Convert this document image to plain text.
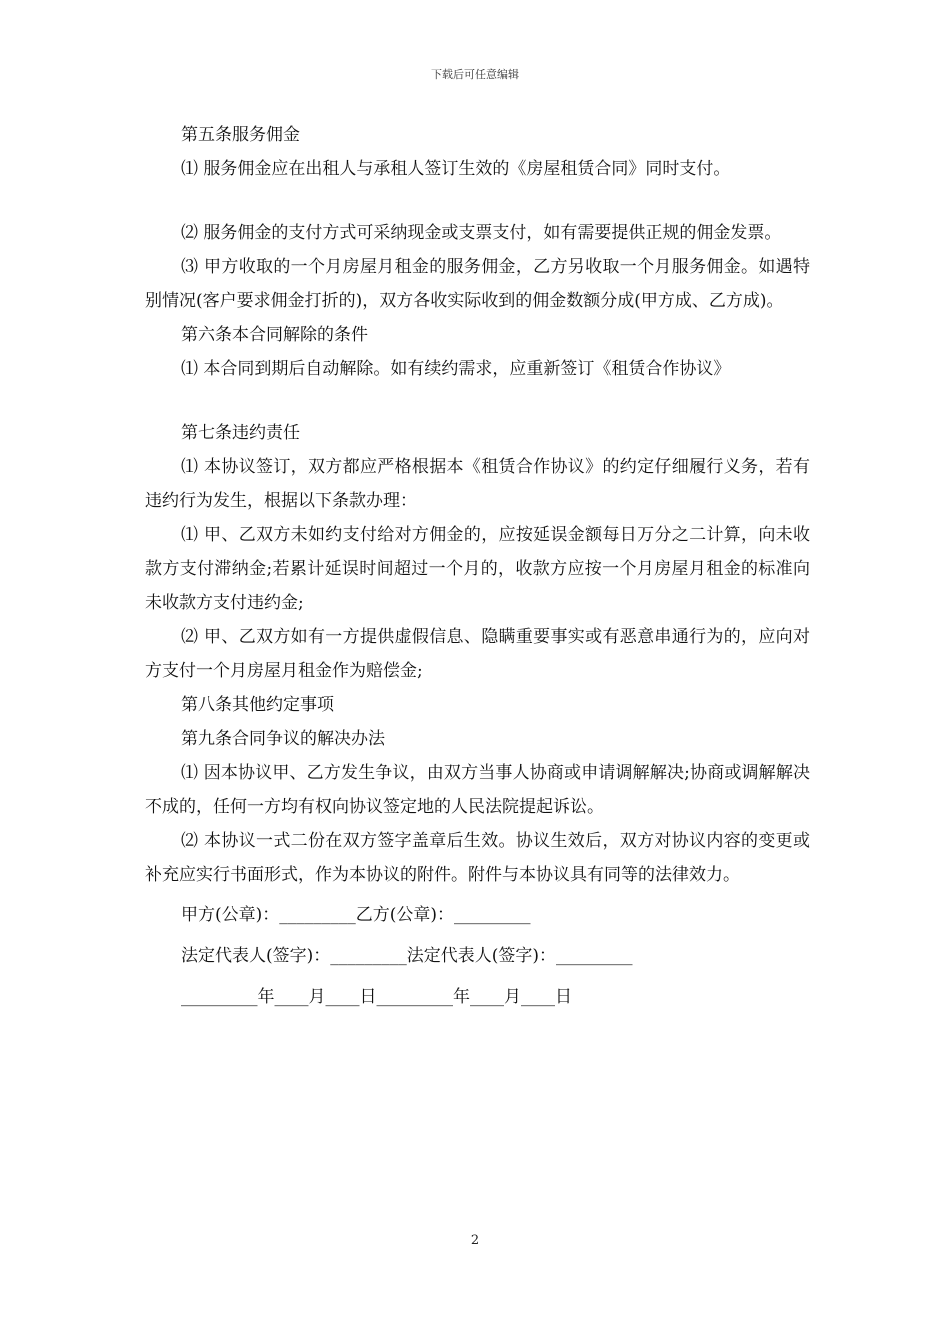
下载后可任意编辑

第五条服务佣金

⑴ 服务佣金应在出租人与承租人签订生效的《房屋租赁合同》同时支付。

⑵ 服务佣金的支付方式可采纳现金或支票支付，如有需要提供正规的佣金发票。

⑶ 甲方收取的一个月房屋月租金的服务佣金，乙方另收取一个月服务佣金。如遇特别情况(客户要求佣金打折的)，双方各收实际收到的佣金数额分成(甲方成、乙方成)。

第六条本合同解除的条件

⑴ 本合同到期后自动解除。如有续约需求，应重新签订《租赁合作协议》

第七条违约责任

⑴ 本协议签订，双方都应严格根据本《租赁合作协议》的约定仔细履行义务，若有违约行为发生，根据以下条款办理：

⑴ 甲、乙双方未如约支付给对方佣金的，应按延误金额每日万分之二计算，向未收款方支付滞纳金;若累计延误时间超过一个月的，收款方应按一个月房屋月租金的标准向未收款方支付违约金;

⑵ 甲、乙双方如有一方提供虚假信息、隐瞒重要事实或有恶意串通行为的，应向对方支付一个月房屋月租金作为赔偿金;

第八条其他约定事项

第九条合同争议的解决办法

⑴ 因本协议甲、乙方发生争议，由双方当事人协商或申请调解解决;协商或调解解决不成的，任何一方均有权向协议签定地的人民法院提起诉讼。

⑵ 本协议一式二份在双方签字盖章后生效。协议生效后，双方对协议内容的变更或补充应实行书面形式，作为本协议的附件。附件与本协议具有同等的法律效力。

甲方(公章)：_________乙方(公章)：_________

法定代表人(签字)：_________法定代表人(签字)：_________

_________年____月____日_________年____月____日

2
